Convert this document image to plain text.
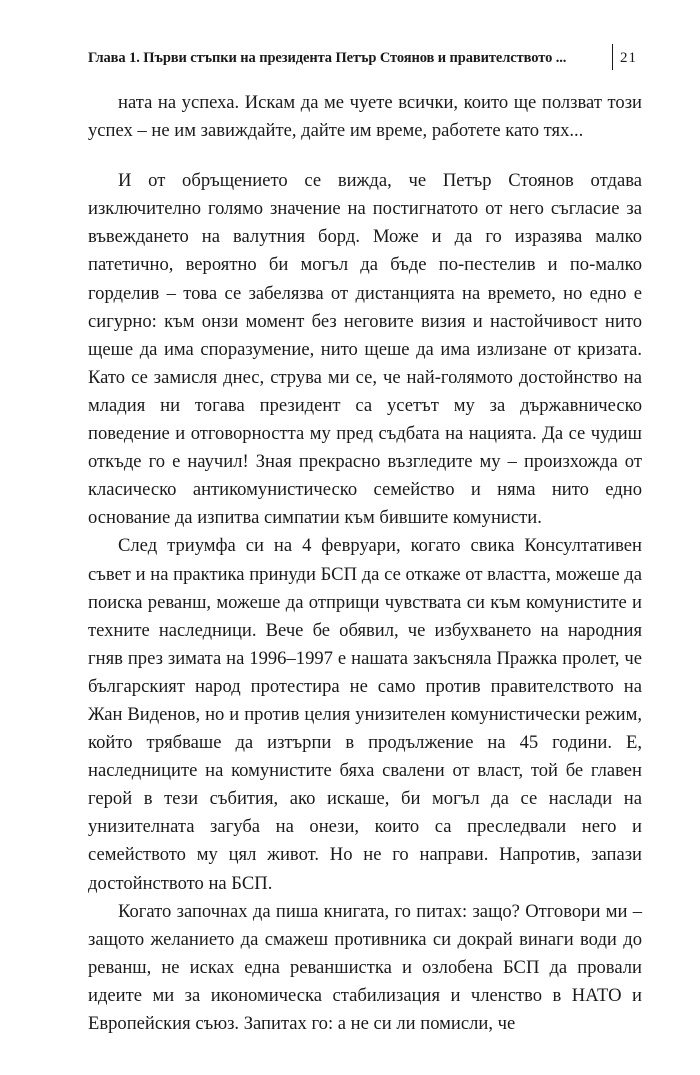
Глава 1. Първи стъпки на президента Петър Стоянов и правителството ...	21

ната на успеха. Искам да ме чуете всички, които ще ползват този успех – не им завиждайте, дайте им време, работете като тях...

И от обръщението се вижда, че Петър Стоянов отдава изключително голямо значение на постигнатото от него съгласие за въвеждането на валутния борд. Може и да го изразява малко патетично, вероятно би могъл да бъде по-пестелив и по-малко горделив – това се забелязва от дистанцията на времето, но едно е сигурно: към онзи момент без неговите визия и настойчивост нито щеше да има споразумение, нито щеше да има излизане от кризата. Като се замисля днес, струва ми се, че най-голямото достойнство на младия ни тогава президент са усетът му за държавническо поведение и отговорността му пред съдбата на нацията. Да се чудиш откъде го е научил! Зная прекрасно възгледите му – произхожда от класическо антикомунистическо семейство и няма нито едно основание да изпитва симпатии към бившите комунисти.

След триумфа си на 4 февруари, когато свика Консултативен съвет и на практика принуди БСП да се откаже от властта, можеше да поиска реванш, можеше да отприщи чувствата си към комунистите и техните наследници. Вече бе обявил, че избухването на народния гняв през зимата на 1996–1997 е нашата закъсняла Пражка пролет, че българският народ протестира не само против правителството на Жан Виденов, но и против целия унизителен комунистически режим, който трябваше да изтърпи в продължение на 45 години. Е, наследниците на комунистите бяха свалени от власт, той бе главен герой в тези събития, ако искаше, би могъл да се наслади на унизителната загуба на онези, които са преследвали него и семейството му цял живот. Но не го направи. Напротив, запази достойнството на БСП.

Когато започнах да пиша книгата, го питах: защо? Отговори ми – защото желанието да смажеш противника си докрай винаги води до реванш, не исках една реваншистка и озлобена БСП да провали идеите ми за икономическа стабилизация и членство в НАТО и Европейския съюз. Запитах го: а не си ли помисли, че
